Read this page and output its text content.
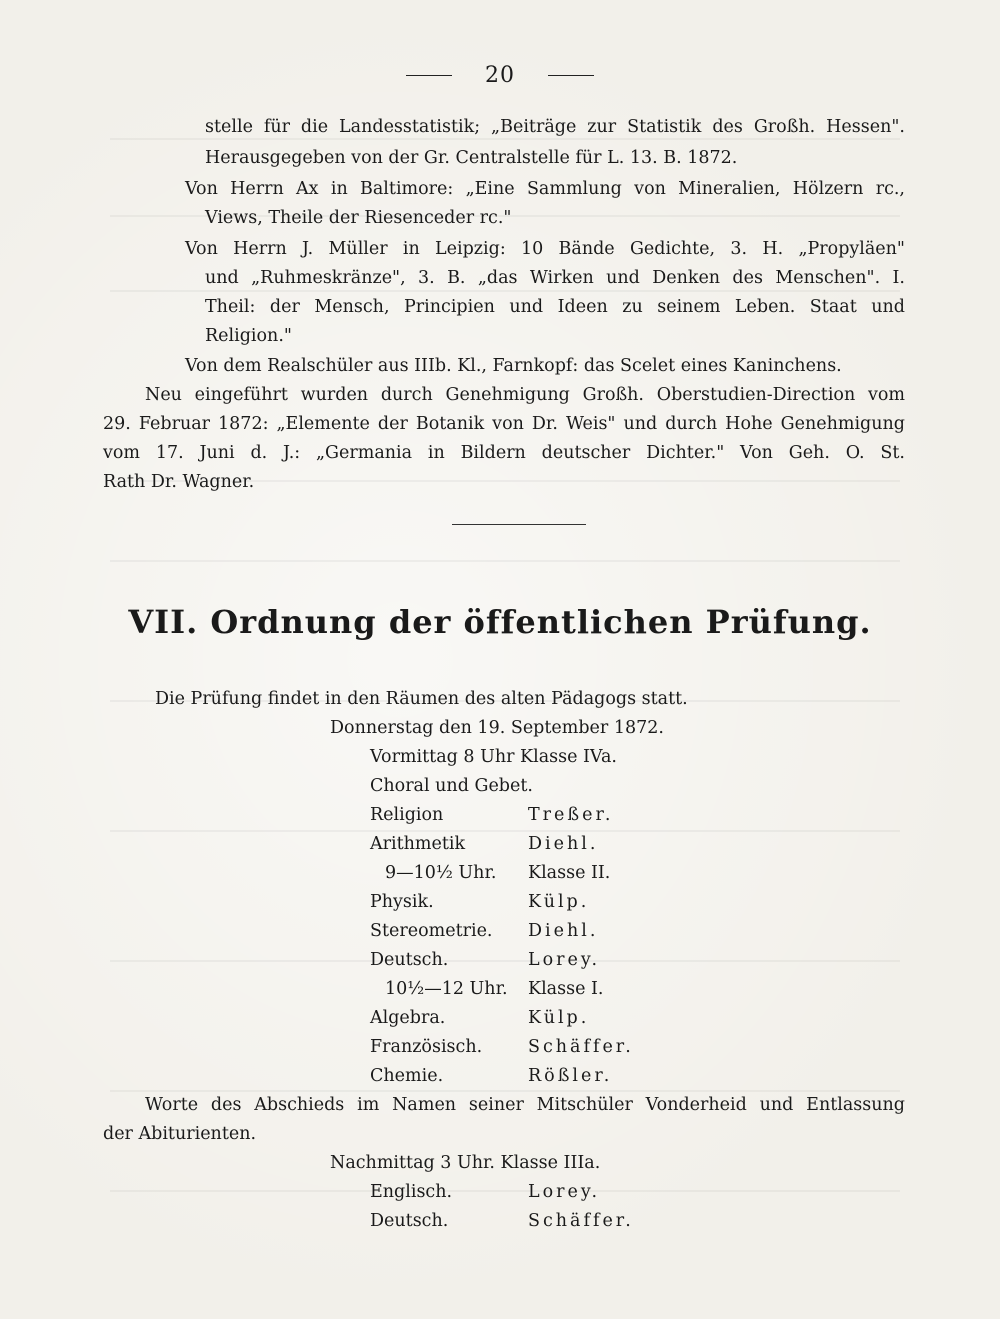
20
stelle für die Landesstatistik; „Beiträge zur Statistik des Großh. Hessen".
Herausgegeben von der Gr. Centralstelle für L. 13. B. 1872.
Von Herrn Ax in Baltimore: „Eine Sammlung von Mineralien, Hölzern rc.,
Views, Theile der Riesenceder rc."
Von Herrn J. Müller in Leipzig: 10 Bände Gedichte, 3. H. „Propyläen"
und „Ruhmeskränze", 3. B. „das Wirken und Denken des Menschen". I.
Theil: der Mensch, Principien und Ideen zu seinem Leben. Staat und
Religion."
Von dem Realschüler aus IIIb. Kl., Farnkopf: das Scelet eines Kaninchens.
Neu eingeführt wurden durch Genehmigung Großh. Oberstudien-Direction vom
29. Februar 1872: „Elemente der Botanik von Dr. Weis" und durch Hohe Genehmigung
vom 17. Juni d. J.: „Germania in Bildern deutscher Dichter." Von Geh. O. St.
Rath Dr. Wagner.
VII. Ordnung der öffentlichen Prüfung.
Die Prüfung findet in den Räumen des alten Pädagogs statt.
Donnerstag den 19. September 1872.
Vormittag 8 Uhr Klasse IVa.
Choral und Gebet.
Religion	Treßer.
Arithmetik	Diehl.
9—10½ Uhr. Klasse II.
Physik.	Külp.
Stereometrie. Diehl.
Deutsch.	Lorey.
10½—12 Uhr. Klasse I.
Algebra.	Külp.
Französisch.	Schäffer.
Chemie.	Rößler.
Worte des Abschieds im Namen seiner Mitschüler Vonderheid und Entlassung
der Abiturienten.
Nachmittag 3 Uhr. Klasse IIIa.
Englisch.	Lorey.
Deutsch.	Schäffer.
